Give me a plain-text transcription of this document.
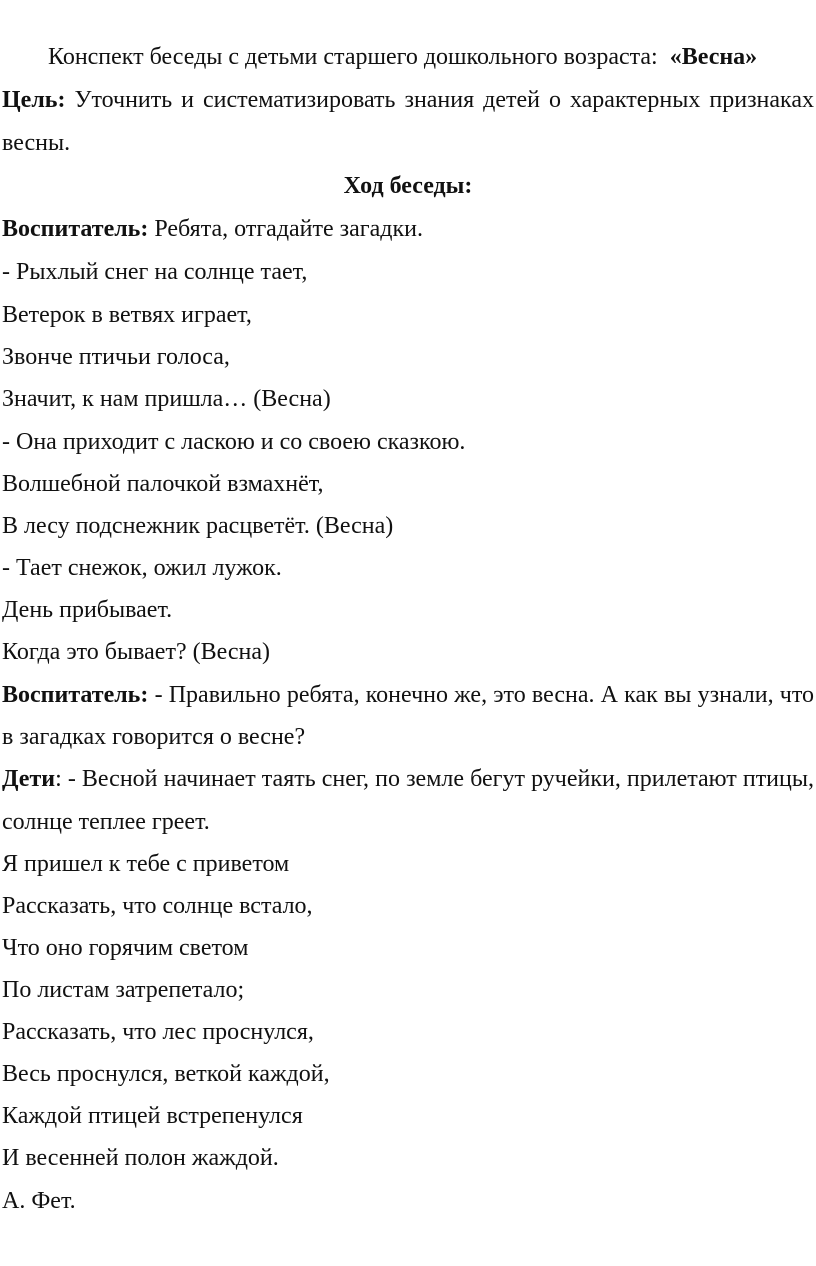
Конспект беседы с детьми старшего дошкольного возраста: «Весна»
Цель: Уточнить и систематизировать знания детей о характерных признаках
весны.
Ход беседы:
Воспитатель: Ребята, отгадайте загадки.
- Рыхлый снег на солнце тает,
Ветерок в ветвях играет,
Звонче птичьи голоса,
Значит, к нам пришла… (Весна)
- Она приходит с ласкою и со своею сказкою.
Волшебной палочкой взмахнёт,
В лесу подснежник расцветёт. (Весна)
- Тает снежок, ожил лужок.
День прибывает.
Когда это бывает? (Весна)
Воспитатель: - Правильно ребята, конечно же, это весна. А как вы узнали, что
в загадках говорится о весне?
Дети: - Весной начинает таять снег, по земле бегут ручейки, прилетают птицы,
солнце теплее греет.
Я пришел к тебе с приветом
Рассказать, что солнце встало,
Что оно горячим светом
По листам затрепетало;
Рассказать, что лес проснулся,
Весь проснулся, веткой каждой,
Каждой птицей встрепенулся
И весенней полон жаждой.
А. Фет.
